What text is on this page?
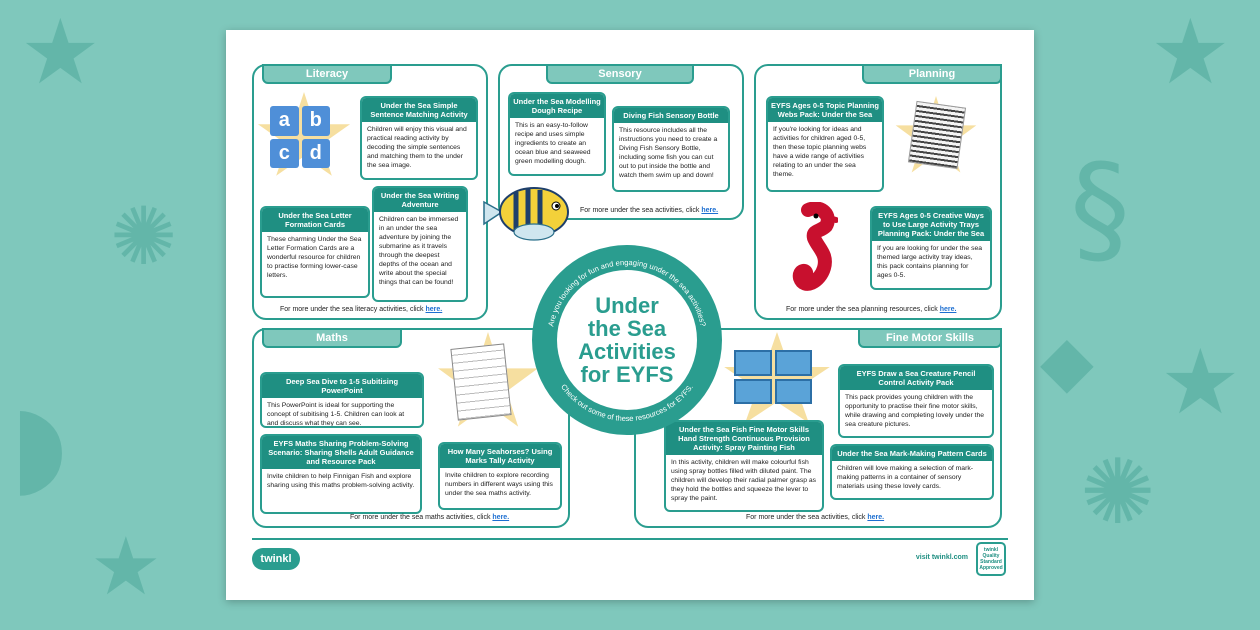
★
◗
✺
★
★
§
★
✺
◆
Literacy
a b
c d
Under the Sea Simple Sentence Matching Activity
Children will enjoy this visual and practical reading activity by decoding the simple sentences and matching them to the under the sea image.
Under the Sea Letter Formation Cards
These charming Under the Sea Letter Formation Cards are a wonderful resource for children to practise forming lower-case letters.
Under the Sea Writing Adventure
Children can be immersed in an under the sea adventure by joining the submarine as it travels through the deepest depths of the ocean and write about the special things that can be found!
For more under the sea literacy activities, click here.
Sensory
Under the Sea Modelling Dough Recipe
This is an easy-to-follow recipe and uses simple ingredients to create an ocean blue and seaweed green modelling dough.
Diving Fish Sensory Bottle
This resource includes all the instructions you need to create a Diving Fish Sensory Bottle, including some fish you can cut out to put inside the bottle and watch them swim up and down!
For more under the sea activities, click here.
Planning
EYFS Ages 0-5 Topic Planning Webs Pack: Under the Sea
If you're looking for ideas and activities for children aged 0-5, then these topic planning webs have a wide range of activities relating to an under the sea theme.
EYFS Ages 0-5 Creative Ways to Use Large Activity Trays Planning Pack: Under the Sea
If you are looking for under the sea themed large activity tray ideas, this pack contains planning for ages 0-5.
For more under the sea planning resources, click here.
Maths
Deep Sea Dive to 1-5 Subitising PowerPoint
This PowerPoint is ideal for supporting the concept of subitising 1-5. Children can look at and discuss what they can see.
EYFS Maths Sharing Problem-Solving Scenario: Sharing Shells Adult Guidance and Resource Pack
Invite children to help Finnigan Fish and explore sharing using this maths problem-solving activity.
How Many Seahorses? Using Marks Tally Activity
Invite children to explore recording numbers in different ways using this under the sea maths activity.
For more under the sea maths activities, click here.
Fine Motor Skills
EYFS Draw a Sea Creature Pencil Control Activity Pack
This pack provides young children with the opportunity to practise their fine motor skills, while drawing and completing lovely under the sea creature pictures.
Under the Sea Fish Fine Motor Skills Hand Strength Continuous Provision Activity: Spray Painting Fish
In this activity, children will make colourful fish using spray bottles filled with diluted paint. The children will develop their radial palmer grasp as they hold the bottles and squeeze the lever to spray the paint.
Under the Sea Mark-Making Pattern Cards
Children will love making a selection of mark-making patterns in a container of sensory materials using these lovely cards.
For more under the sea activities, click here.
Are you looking for fun and engaging under the sea activities?
Check out some of these resources for EYFS.
Under
the Sea
Activities
for EYFS
twinkl	visit twinkl.com
twinkl Quality Standard Approved
